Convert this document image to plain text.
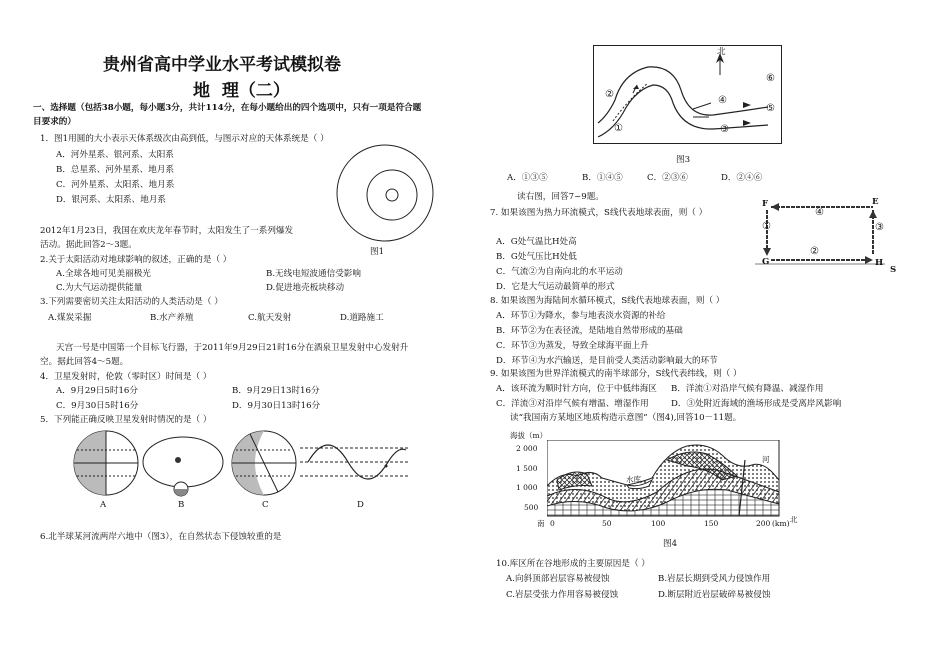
贵州省高中学业水平考试模拟卷
地  理（二）
一、选择题（包括38小题，每小题3分，共计114分，在每小题给出的四个选项中，只有一项是符合题
目要求的）
1．图1用圆的大小表示天体系级次由高到低，与图示对应的天体系统是（ ）
A．河外星系、银河系、太阳系
B．总星系、河外星系、地月系
C．河外星系、太阳系、地月系
D．银河系、太阳系、地月系
图1
2012年1月23日，我国在欢庆龙年春节时，太阳发生了一系列爆发
活动。据此回答2～3题。
2.关于太阳活动对地球影响的叙述，正确的是（ ）
A.全球各地可见美丽极光	B.无线电短波通信受影响
C.为大气运动提供能量	D.促进地壳板块移动
3.下列需要密切关注太阳活动的人类活动是（ ）
A.煤炭采掘	B.水产养殖	C.航天发射	D.道路施工
天宫一号是中国第一个目标飞行器，于2011年9月29日21时16分在酒泉卫星发射中心发射升
空。据此回答4～5题。
4．卫星发射时，伦敦（零时区）时间是（ ）
A．9月29日5时16分	B．9月29日13时16分
C．9月30日5时16分	D．9月30日13时16分
5．下列能正确反映卫星发射时情况的是（ ）
A	B	C	D
6.北半球某河流两岸六地中（图3），在自然状态下侵蚀较重的是
北
①
②
③
④
⑤
⑥
图3
A．①③⑤	B．①④⑤	C．②③⑥	D．②④⑥
读右图，回答7~9题。
7. 如果该图为热力环流模式，S线代表地球表面，则（ ）
A．G处气温比H处高
B．G处气压比H处低
C．气流②为自南向北的水平运动
D．它是大气运动最简单的形式
F	E
G	H
S
①
②
③
④
8. 如果该图为海陆间水循环模式，S线代表地球表面，则（ ）
A．环节①为降水，参与地表淡水资源的补给
B．环节②为在表径流，是陆地自然带形成的基础
C．环节③为蒸发，导致全球海平面上升
D．环节④为水汽输送，是目前受人类活动影响最大的环节
9. 如果该图为世界洋流模式的南半球部分，S线代表纬线，则（ ）
A．该环流为顺时针方向，位于中低纬海区 B．洋流①对沿岸气候有降温、减湿作用
C．洋流③对沿岸气候有增温、增湿作用	D．③处附近海域的渔场形成是受离岸风影响
读“我国南方某地区地质构造示意图”（图4),回答10－11题。
海拔（m）
2 000
1 500
1 000
500
水库
河
南 0	50	100	150	200 (km) 北
图4
10.库区所在谷地形成的主要原因是（ ）
A.向斜顶部岩层容易被侵蚀	B.岩层长期到受风力侵蚀作用
C.岩层受张力作用容易被侵蚀	D.断层附近岩层破碎易被侵蚀
